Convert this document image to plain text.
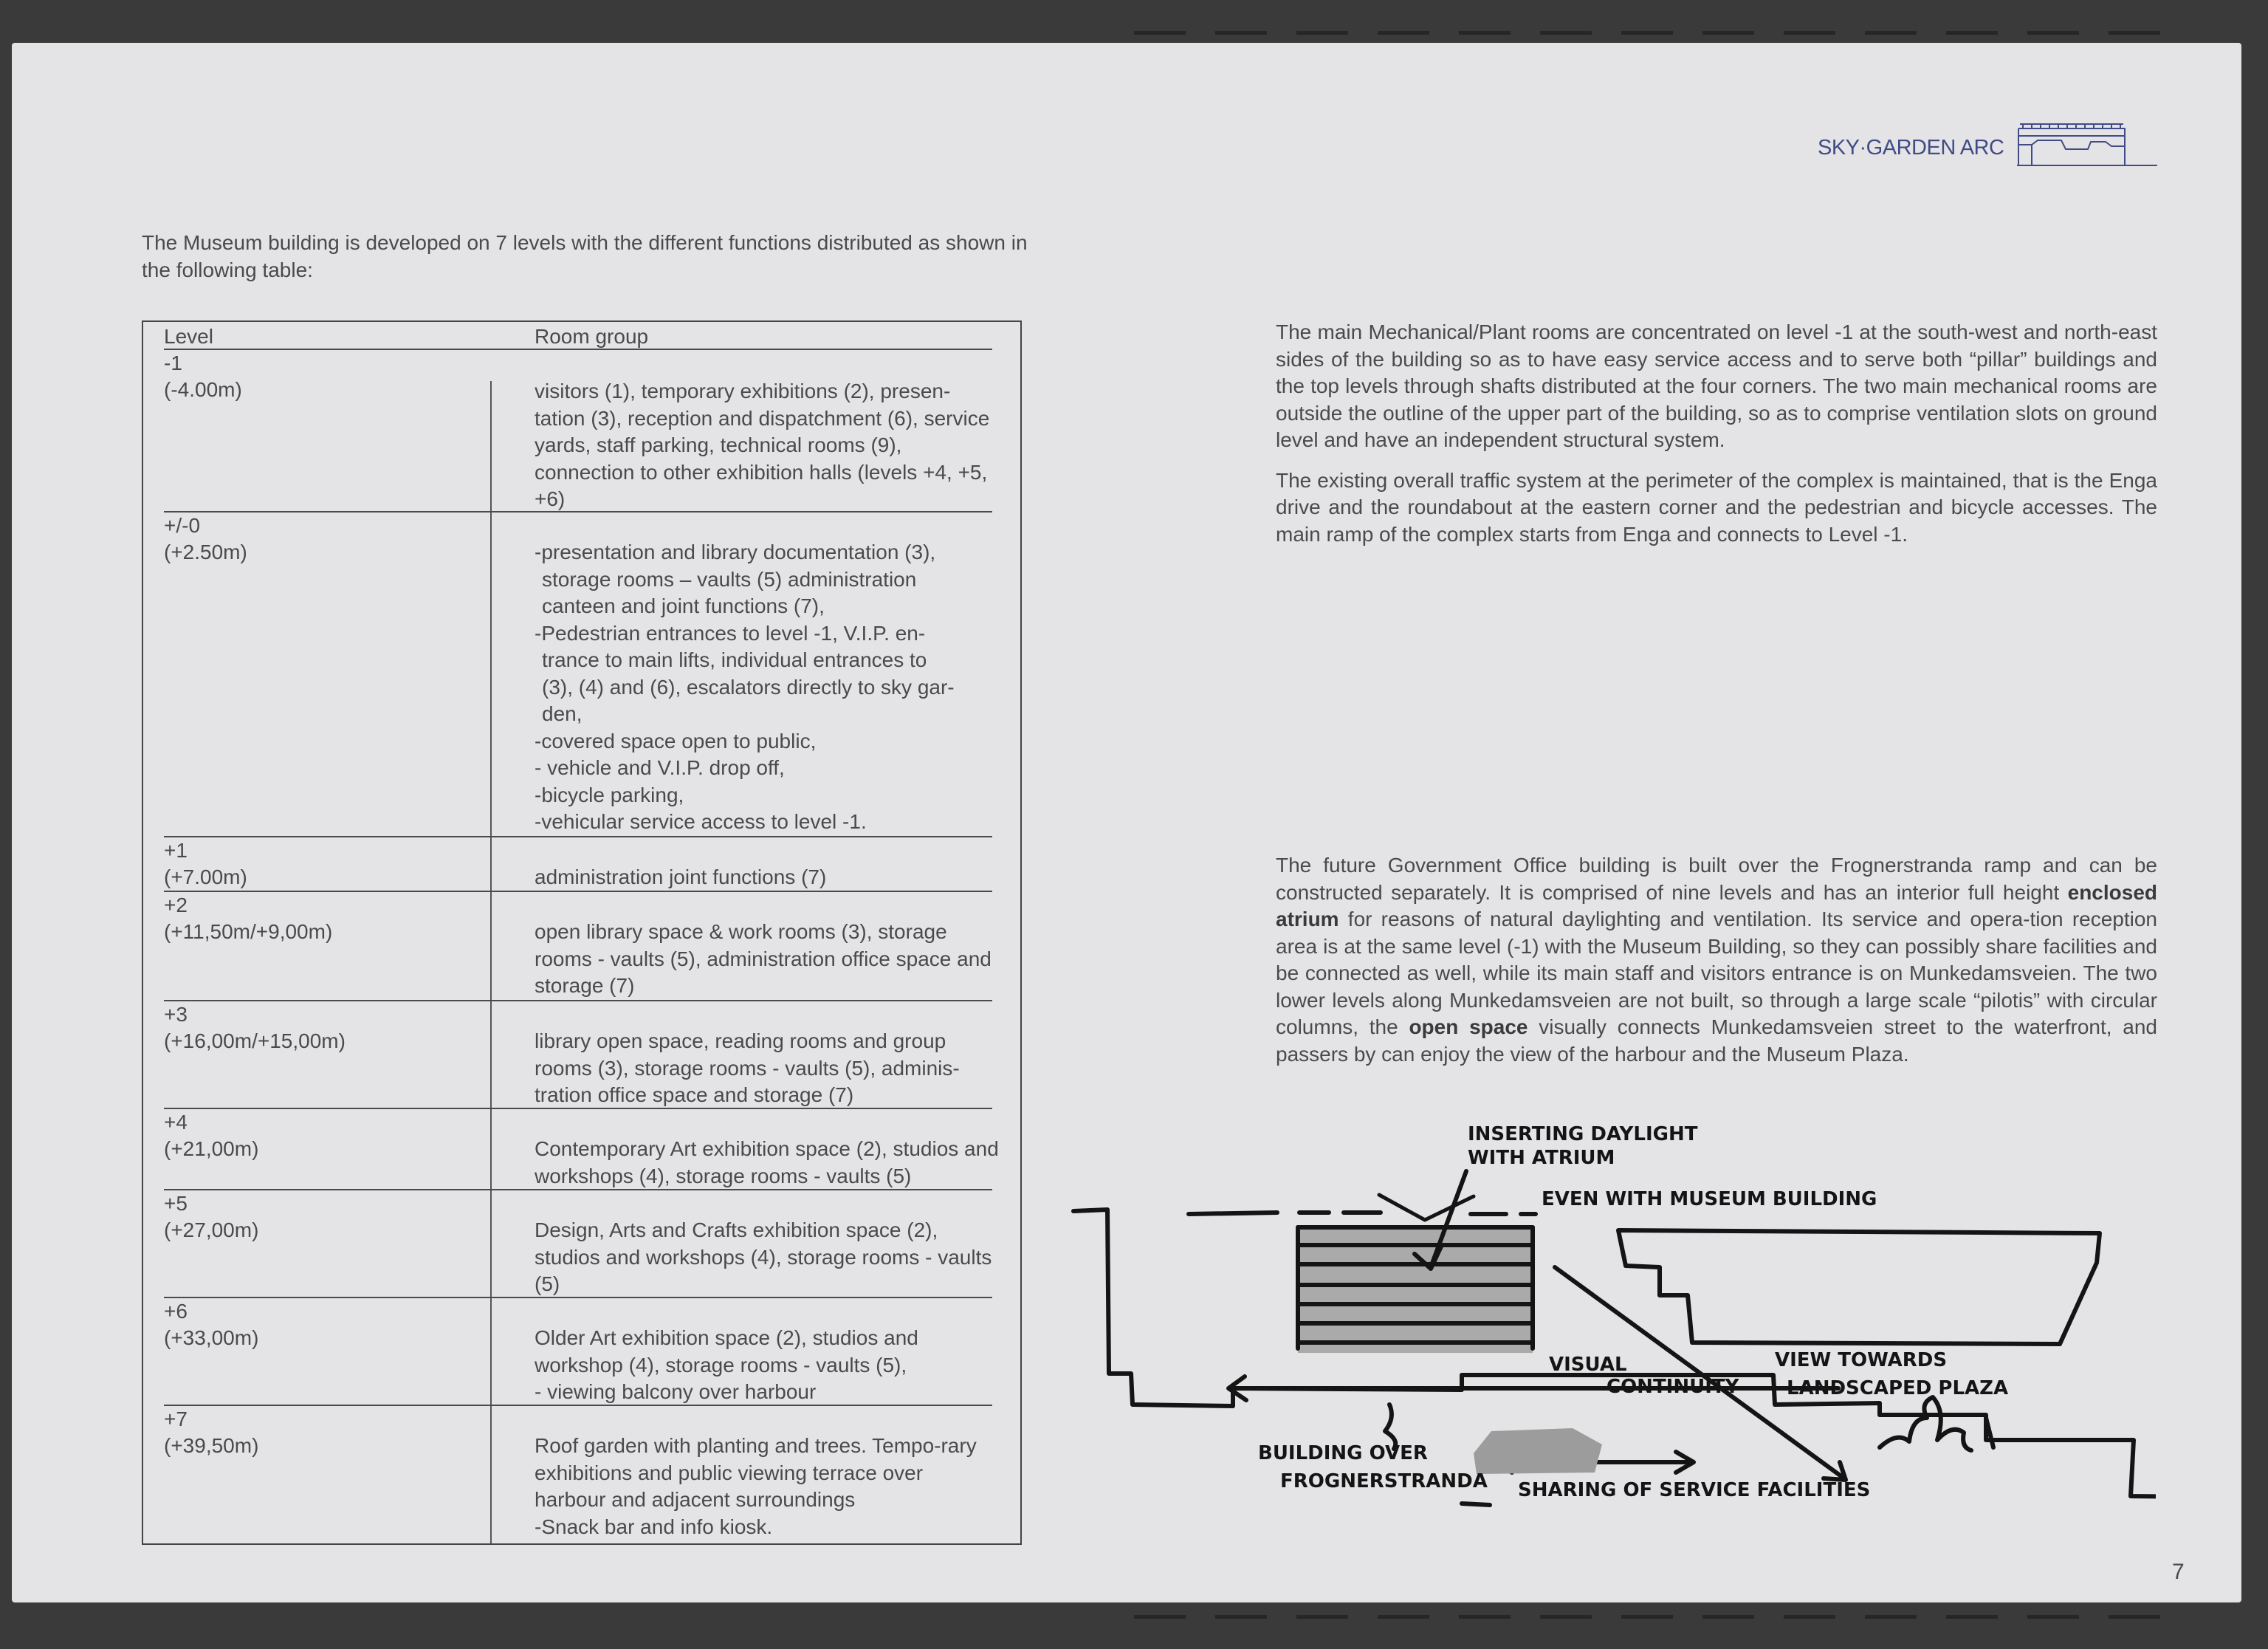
SKY·GARDEN ARC
The Museum building is developed on 7 levels with the different functions distributed as shown in the following table:
Level	Room group
-1
(-4.00m)	visitors (1), temporary exhibitions (2), presen-tation (3), reception and dispatchment (6), service yards, staff parking, technical rooms (9), connection to other exhibition halls (levels +4, +5, +6)

+/-0
(+2.50m)	-presentation and library documentation (3),

storage rooms – vaults (5) administration

canteen and joint functions (7),

-Pedestrian entrances to level -1, V.I.P. en-

trance to main lifts, individual entrances to

(3), (4) and (6), escalators directly to sky gar-

den,

-covered space open to public,

- vehicle and V.I.P. drop off,

-bicycle parking,

-vehicular service access to level -1.

+1
(+7.00m)	administration joint functions (7)

+2
(+11,50m/+9,00m)	open library space & work rooms (3), storage rooms - vaults (5), administration office space and storage (7)

+3
(+16,00m/+15,00m)	library open space, reading rooms and group rooms (3), storage rooms - vaults (5), adminis-tration office space and storage (7)

+4
(+21,00m)	Contemporary Art exhibition space (2), studios and workshops (4), storage rooms - vaults (5)

+5
(+27,00m)	Design, Arts and Crafts exhibition space (2), studios and workshops (4), storage rooms - vaults (5)

+6
(+33,00m)	Older Art exhibition space (2), studios and workshop (4), storage rooms - vaults (5),

- viewing balcony over harbour

+7
(+39,50m)	Roof garden with planting and trees. Tempo-rary exhibitions and public viewing terrace over harbour and adjacent surroundings

-Snack bar and info kiosk.

The main Mechanical/Plant rooms are concentrated on level -1 at the south-west and north-east sides of the building so as to have easy service access and to serve both “pillar” buildings and the top levels through shafts distributed at the four corners. The two main mechanical rooms are outside the outline of the upper part of the building, so as to comprise ventilation slots on ground level and have an independent structural system.

The existing overall traffic system at the perimeter of the complex is maintained, that is the Enga drive and the roundabout at the eastern corner and the pedestrian and bicycle accesses. The main ramp of the complex starts from Enga and connects to Level -1.

The future Government Office building is built over the Frognerstranda ramp and can be constructed separately. It is comprised of nine levels and has an interior full height enclosed atrium for reasons of natural daylighting and ventilation. Its service and opera-tion reception area is at the same level (-1) with the Museum Building, so they can possibly share facilities and be connected as well, while its main staff and visitors entrance is on Munkedamsveien. The two lower levels along Munkedamsveien are not built, so through a large scale “pilotis” with circular columns, the open space visually connects Munkedamsveien street to the waterfront, and passers by can enjoy the view of the harbour and the Museum Plaza.

INSERTING DAYLIGHT
WITH ATRIUM
EVEN WITH MUSEUM BUILDING
VISUAL
CONTINUITY
VIEW TOWARDS
LANDSCAPED PLAZA
BUILDING OVER
FROGNERSTRANDA SHARING OF SERVICE FACILITIES
7
